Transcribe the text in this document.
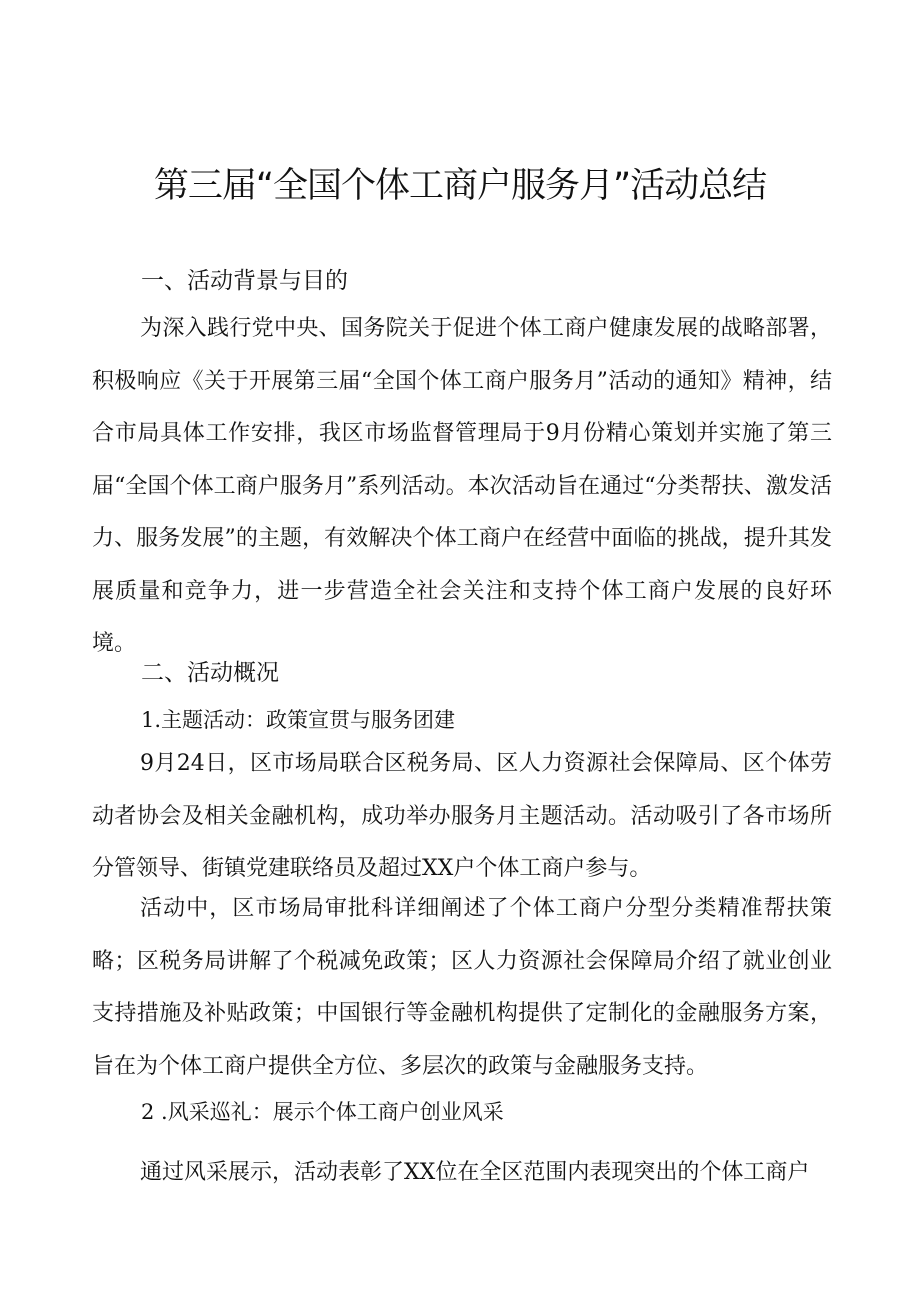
第三届“全国个体工商户服务月”活动总结
一、活动背景与目的

为深入践行党中央、国务院关于促进个体工商户健康发展的战略部署，积极响应《关于开展第三届“全国个体工商户服务月”活动的通知》精神，结合市局具体工作安排，我区市场监督管理局于9月份精心策划并实施了第三届“全国个体工商户服务月”系列活动。本次活动旨在通过“分类帮扶、激发活力、服务发展”的主题，有效解决个体工商户在经营中面临的挑战，提升其发展质量和竞争力，进一步营造全社会关注和支持个体工商户发展的良好环境。

二、活动概况
1.主题活动：政策宣贯与服务团建

9月24日，区市场局联合区税务局、区人力资源社会保障局、区个体劳动者协会及相关金融机构，成功举办服务月主题活动。活动吸引了各市场所分管领导、街镇党建联络员及超过XX户个体工商户参与。

活动中，区市场局审批科详细阐述了个体工商户分型分类精准帮扶策略；区税务局讲解了个税减免政策；区人力资源社会保障局介绍了就业创业支持措施及补贴政策；中国银行等金融机构提供了定制化的金融服务方案，旨在为个体工商户提供全方位、多层次的政策与金融服务支持。

2 .风采巡礼：展示个体工商户创业风采

通过风采展示，活动表彰了XX位在全区范围内表现突出的个体工商户
